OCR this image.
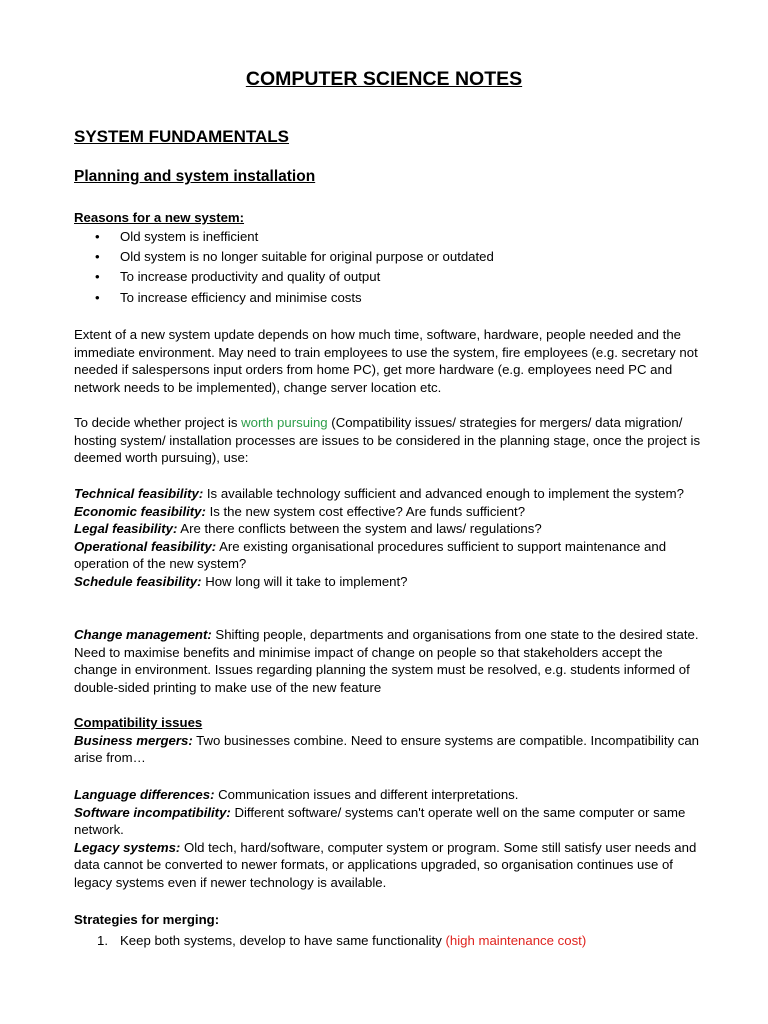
COMPUTER SCIENCE NOTES
SYSTEM FUNDAMENTALS
Planning and system installation
Reasons for a new system:
• Old system is inefficient
• Old system is no longer suitable for original purpose or outdated
• To increase productivity and quality of output
• To increase efficiency and minimise costs

Extent of a new system update depends on how much time, software, hardware, people needed and the immediate environment. May need to train employees to use the system, fire employees (e.g. secretary not needed if salespersons input orders from home PC), get more hardware (e.g. employees need PC and network needs to be implemented), change server location etc.

To decide whether project is worth pursuing (Compatibility issues/ strategies for mergers/ data migration/ hosting system/ installation processes are issues to be considered in the planning stage, once the project is deemed worth pursuing), use:

Technical feasibility: Is available technology sufficient and advanced enough to implement the system?
Economic feasibility: Is the new system cost effective? Are funds sufficient?
Legal feasibility: Are there conflicts between the system and laws/ regulations?
Operational feasibility: Are existing organisational procedures sufficient to support maintenance and operation of the new system?
Schedule feasibility: How long will it take to implement?

Change management: Shifting people, departments and organisations from one state to the desired state. Need to maximise benefits and minimise impact of change on people so that stakeholders accept the change in environment. Issues regarding planning the system must be resolved, e.g. students informed of double-sided printing to make use of the new feature

Compatibility issues
Business mergers: Two businesses combine. Need to ensure systems are compatible. Incompatibility can arise from…
Language differences: Communication issues and different interpretations.
Software incompatibility: Different software/ systems can't operate well on the same computer or same network.
Legacy systems: Old tech, hard/software, computer system or program. Some still satisfy user needs and data cannot be converted to newer formats, or applications upgraded, so organisation continues use of legacy systems even if newer technology is available.
Strategies for merging:
1. Keep both systems, develop to have same functionality (high maintenance cost)
